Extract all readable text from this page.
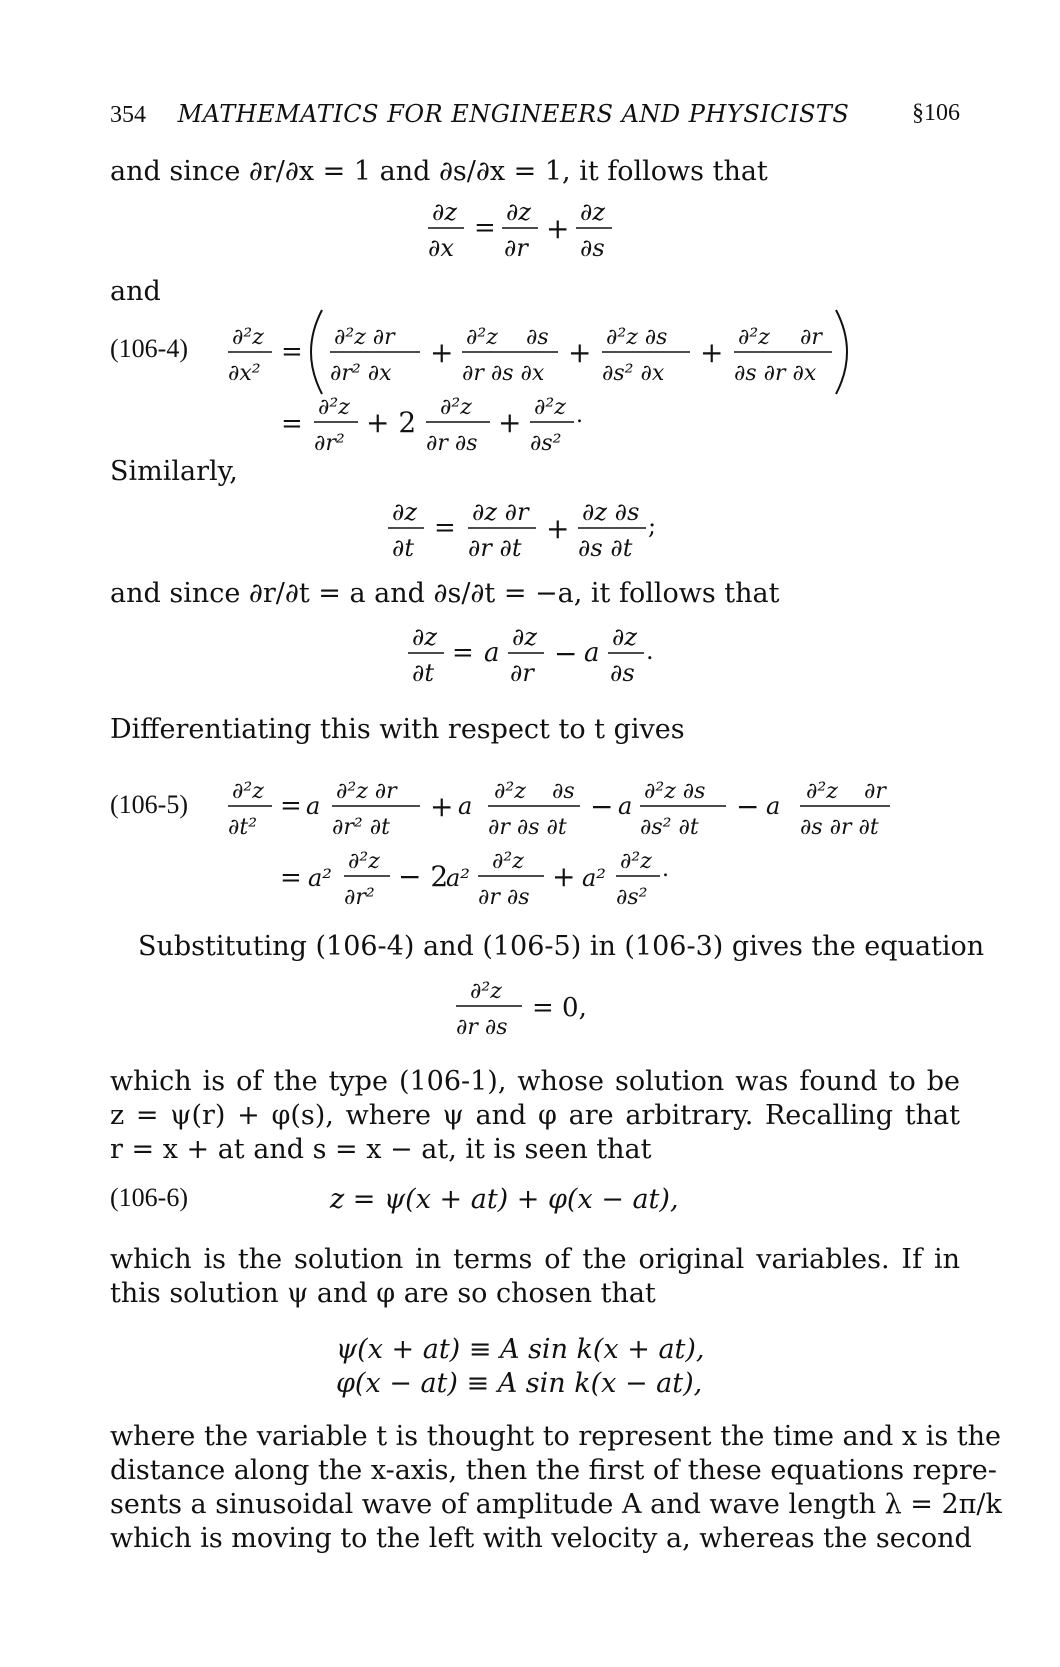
354 MATHEMATICS FOR ENGINEERS AND PHYSICISTS	§106
and since ∂r/∂x = 1 and ∂s/∂x = 1, it follows that
∂z
∂x
=
∂z
∂r
+ ∂z
∂s
and
(106-4) ∂²z
∂x²
= ∂²z ∂r
∂r² ∂x
+ ∂²z ∂s
∂r ∂s ∂x
+ ∂²z ∂s
∂s² ∂x
+ ∂²z ∂r
∂s ∂r ∂x
=
∂²z
∂r²
+ 2 ∂²z
∂r ∂s
+ ∂²z
∂s²
.
Similarly,
∂z
∂t
=
∂z ∂r
∂r ∂t
+ ∂z ∂s
∂s ∂t
;
and since ∂r/∂t = a and ∂s/∂t = −a, it follows that
∂z
∂t
= a
∂z
∂r
− a
∂z
∂s
.
Differentiating this with respect to t gives
(106-5) ∂²z
∂t²
= a
∂²z ∂r
∂r² ∂t
+ a
∂²z ∂s
∂r ∂s ∂t
− a
∂²z ∂s
∂s² ∂t
− a
∂²z ∂r
∂s ∂r ∂t
= a²
∂²z
∂r²
− 2
a²
∂²z
∂r ∂s
+ a²
∂²z
∂s²
.
Substituting (106-4) and (106-5) in (106-3) gives the equation
∂²z
∂r ∂s
= 0,
which is of the type (106-1), whose solution was found to be
z = ψ(r) + φ(s), where ψ and φ are arbitrary. Recalling that
r = x + at and s = x − at, it is seen that
(106-6)	z = ψ(x + at) + φ(x − at),
which is the solution in terms of the original variables. If in
this solution ψ and φ are so chosen that
ψ(x + at) ≡ A sin k(x + at),
φ(x − at) ≡ A sin k(x − at),
where the variable t is thought to represent the time and x is the
distance along the x-axis, then the first of these equations repre-
sents a sinusoidal wave of amplitude A and wave length λ = 2π/k
which is moving to the left with velocity a, whereas the second
